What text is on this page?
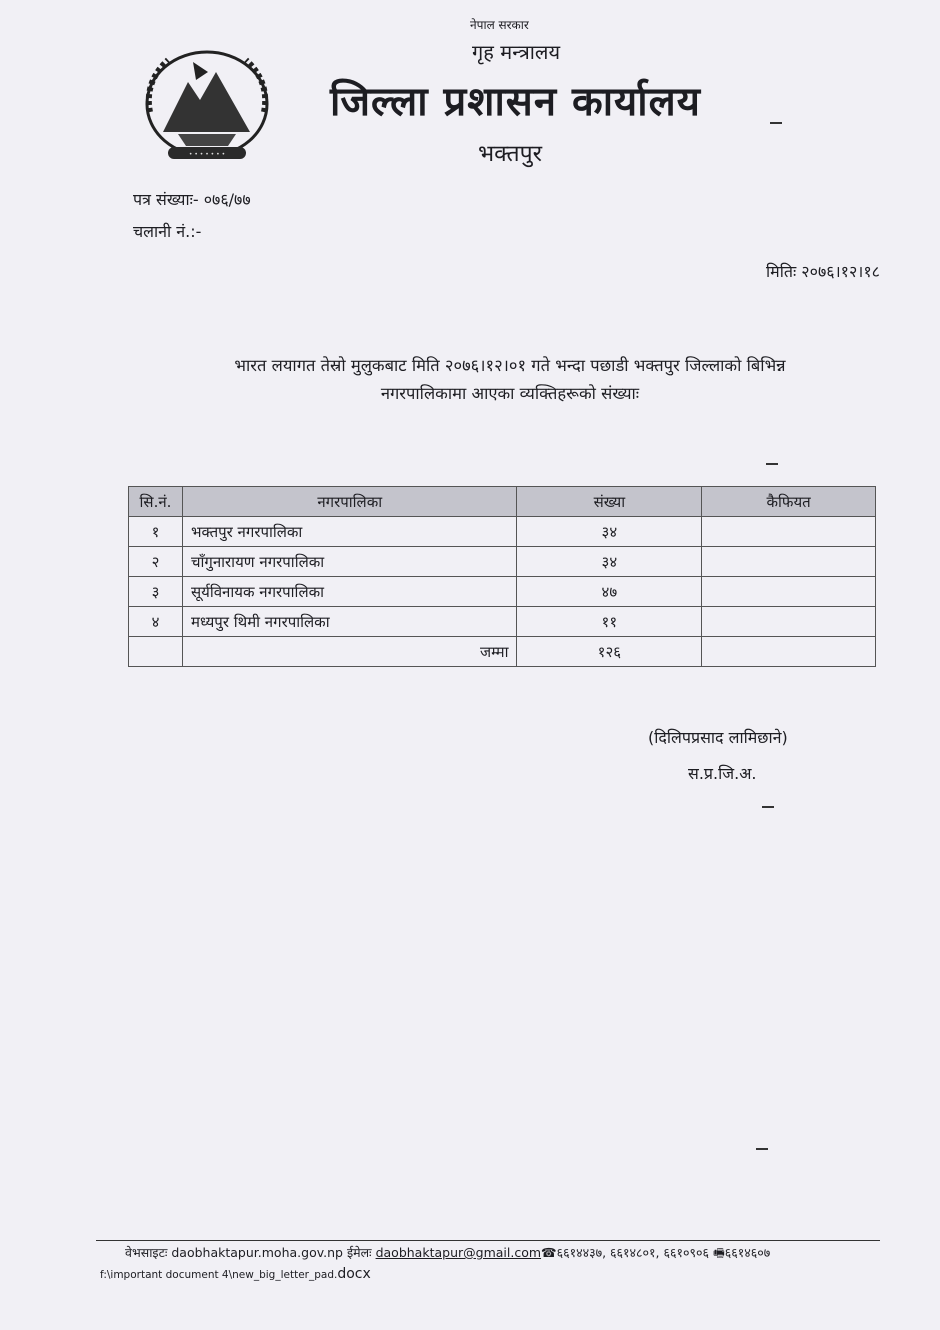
नेपाल सरकार
गृह मन्त्रालय
जिल्ला प्रशासन कार्यालय
भक्तपुर
• • • • • • •
पत्र संख्याः- ०७६/७७
चलानी नं.:-
मितिः २०७६।१२।१८
भारत लयागत तेस्रो मुलुकबाट मिति २०७६।१२।०१ गते भन्दा पछाडी भक्तपुर जिल्लाको बिभिन्न
नगरपालिकामा आएका व्यक्तिहरूको संख्याः
सि.नं.	नगरपालिका	संख्या	कैफियत
१	भक्तपुर नगरपालिका	३४	
२	चाँगुनारायण नगरपालिका	३४	
३	सूर्यविनायक नगरपालिका	४७	
४	मध्यपुर थिमी नगरपालिका	११	
	जम्मा	१२६	
(दिलिपप्रसाद लामिछाने)
स.प्र.जि.अ.
वेभसाइटः daobhaktapur.moha.gov.np ईमेलः daobhaktapur@gmail.com☎६६१४४३७, ६६१४८०१, ६६१०९०६ 🖷६६१४६०७
f:\important document 4\new_big_letter_pad.docx
